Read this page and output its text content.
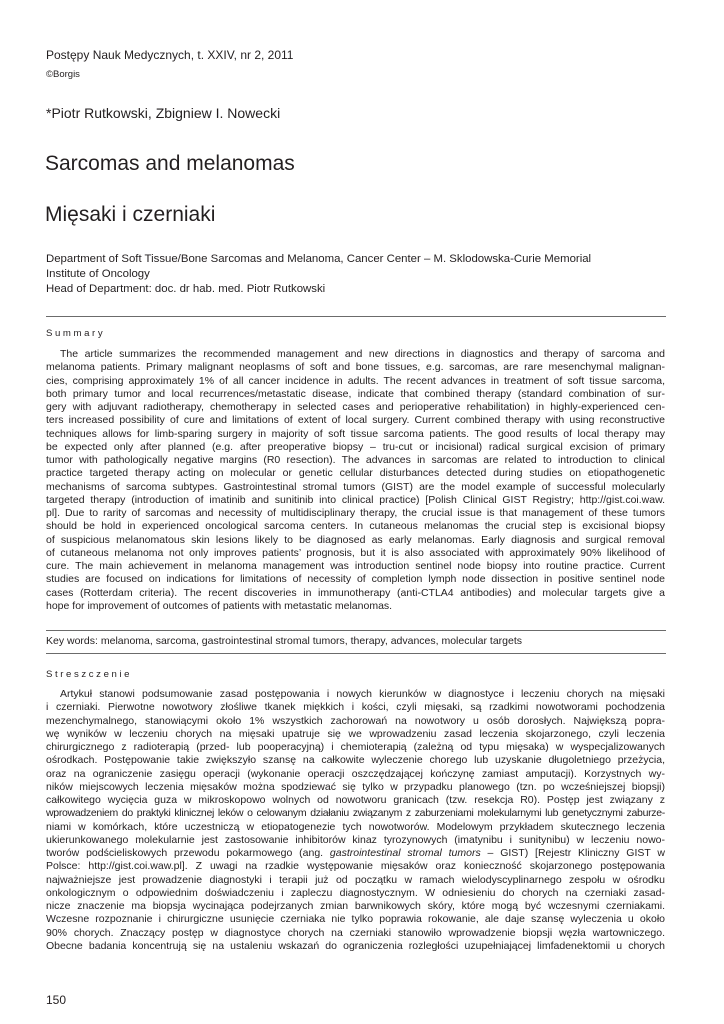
Postępy Nauk Medycznych, t. XXIV, nr 2, 2011
©Borgis
*Piotr Rutkowski, Zbigniew I. Nowecki
Sarcomas and melanomas
Mięsaki i czerniaki
Department of Soft Tissue/Bone Sarcomas and Melanoma, Cancer Center – M. Sklodowska-Curie Memorial
Institute of Oncology
Head of Department: doc. dr hab. med. Piotr Rutkowski
Summary
The article summarizes the recommended management and new directions in diagnostics and therapy of sarcoma and
melanoma patients. Primary malignant neoplasms of soft and bone tissues, e.g. sarcomas, are rare mesenchymal malignan-
cies, comprising approximately 1% of all cancer incidence in adults. The recent advances in treatment of soft tissue sarcoma,
both primary tumor and local recurrences/metastatic disease, indicate that combined therapy (standard combination of sur-
gery with adjuvant radiotherapy, chemotherapy in selected cases and perioperative rehabilitation) in highly-experienced cen-
ters increased possibility of cure and limitations of extent of local surgery. Current combined therapy with using reconstructive
techniques allows for limb-sparing surgery in majority of soft tissue sarcoma patients. The good results of local therapy may
be expected only after planned (e.g. after preoperative biopsy – tru-cut or incisional) radical surgical excision of primary
tumor with pathologically negative margins (R0 resection). The advances in sarcomas are related to introduction to clinical
practice targeted therapy acting on molecular or genetic cellular disturbances detected during studies on etiopathogenetic
mechanisms of sarcoma subtypes. Gastrointestinal stromal tumors (GIST) are the model example of successful molecularly
targeted therapy (introduction of imatinib and sunitinib into clinical practice) [Polish Clinical GIST Registry; http://gist.coi.waw.
pl]. Due to rarity of sarcomas and necessity of multidisciplinary therapy, the crucial issue is that management of these tumors
should be hold in experienced oncological sarcoma centers. In cutaneous melanomas the crucial step is excisional biopsy
of suspicious melanomatous skin lesions likely to be diagnosed as early melanomas. Early diagnosis and surgical removal
of cutaneous melanoma not only improves patients’ prognosis, but it is also associated with approximately 90% likelihood of
cure. The main achievement in melanoma management was introduction sentinel node biopsy into routine practice. Current
studies are focused on indications for limitations of necessity of completion lymph node dissection in positive sentinel node
cases (Rotterdam criteria). The recent discoveries in immunotherapy (anti-CTLA4 antibodies) and molecular targets give a
hope for improvement of outcomes of patients with metastatic melanomas.
Key words: melanoma, sarcoma, gastrointestinal stromal tumors, therapy, advances, molecular targets
Streszczenie
Artykuł stanowi podsumowanie zasad postępowania i nowych kierunków w diagnostyce i leczeniu chorych na mięsaki
i czerniaki. Pierwotne nowotwory złośliwe tkanek miękkich i kości, czyli mięsaki, są rzadkimi nowotworami pochodzenia
mezenchymalnego, stanowiącymi około 1% wszystkich zachorowań na nowotwory u osób dorosłych. Największą popra-
wę wyników w leczeniu chorych na mięsaki upatruje się we wprowadzeniu zasad leczenia skojarzonego, czyli leczenia
chirurgicznego z radioterapią (przed- lub pooperacyjną) i chemioterapią (zależną od typu mięsaka) w wyspecjalizowanych
ośrodkach. Postępowanie takie zwiększyło szansę na całkowite wyleczenie chorego lub uzyskanie długoletniego przeżycia,
oraz na ograniczenie zasięgu operacji (wykonanie operacji oszczędzającej kończynę zamiast amputacji). Korzystnych wy-
ników miejscowych leczenia mięsaków można spodziewać się tylko w przypadku planowego (tzn. po wcześniejszej biopsji)
całkowitego wycięcia guza w mikroskopowo wolnych od nowotworu granicach (tzw. resekcja R0). Postęp jest związany z
wprowadzeniem do praktyki klinicznej leków o celowanym działaniu związanym z zaburzeniami molekularnymi lub genetycznymi zaburze-
niami w komórkach, które uczestniczą w etiopatogenezie tych nowotworów. Modelowym przykładem skutecznego leczenia
ukierunkowanego molekularnie jest zastosowanie inhibitorów kinaz tyrozynowych (imatynibu i sunitynibu) w leczeniu nowo-
tworów podścieliskowych przewodu pokarmowego (ang. gastrointestinal stromal tumors – GIST) [Rejestr Kliniczny GIST w
Polsce: http://gist.coi.waw.pl]. Z uwagi na rzadkie występowanie mięsaków oraz konieczność skojarzonego postępowania
najważniejsze jest prowadzenie diagnostyki i terapii już od początku w ramach wielodyscyplinarnego zespołu w ośrodku
onkologicznym o odpowiednim doświadczeniu i zapleczu diagnostycznym. W odniesieniu do chorych na czerniaki zasad-
nicze znaczenie ma biopsja wycinająca podejrzanych zmian barwnikowych skóry, które mogą być wczesnymi czerniakami.
Wczesne rozpoznanie i chirurgiczne usunięcie czerniaka nie tylko poprawia rokowanie, ale daje szansę wyleczenia u około
90% chorych. Znaczący postęp w diagnostyce chorych na czerniaki stanowiło wprowadzenie biopsji węzła wartowniczego.
Obecne badania koncentrują się na ustaleniu wskazań do ograniczenia rozległości uzupełniającej limfadenektomii u chorych
150
